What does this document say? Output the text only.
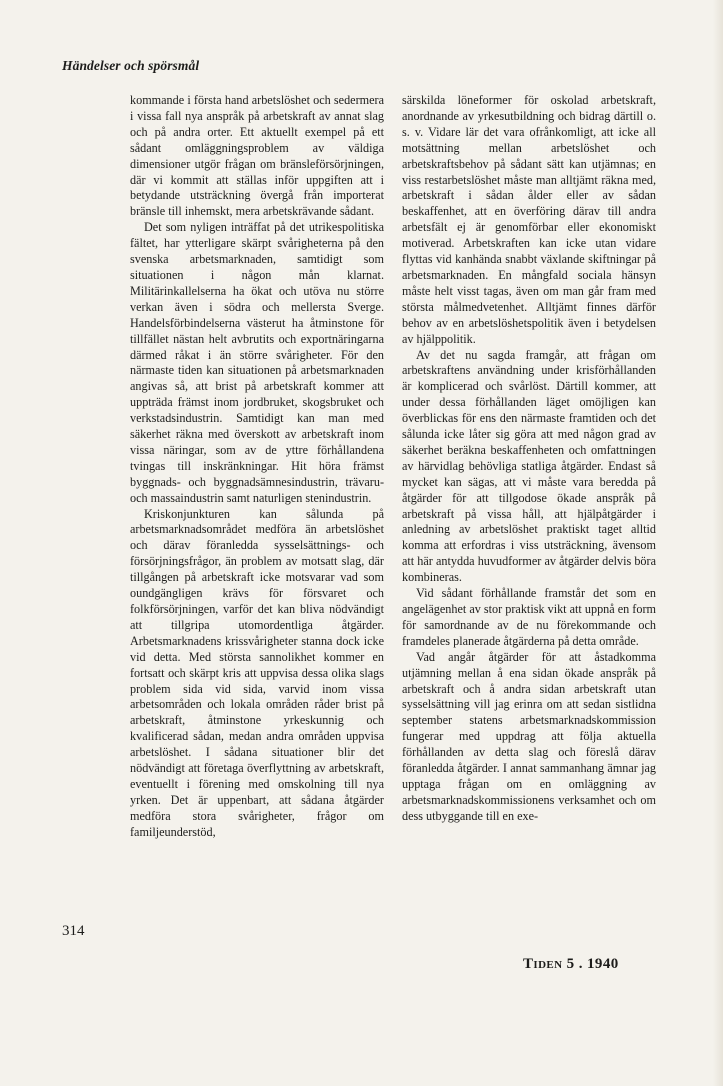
Händelser och spörsmål

kommande i första hand arbetslöshet och sedermera i vissa fall nya anspråk på arbetskraft av annat slag och på andra orter. Ett aktuellt exempel på ett sådant omläggningsproblem av väldiga dimensioner utgör frågan om bränsleförsörjningen, där vi kommit att ställas inför uppgiften att i betydande utsträckning övergå från importerat bränsle till inhemskt, mera arbetskrävande sådant.

Det som nyligen inträffat på det utrikespolitiska fältet, har ytterligare skärpt svårigheterna på den svenska arbetsmarknaden, samtidigt som situationen i någon mån klarnat. Militärinkallelserna ha ökat och utöva nu större verkan även i södra och mellersta Sverge. Handelsförbindelserna västerut ha åtminstone för tillfället nästan helt avbrutits och exportnäringarna därmed råkat i än större svårigheter. För den närmaste tiden kan situationen på arbetsmarknaden angivas så, att brist på arbetskraft kommer att uppträda främst inom jordbruket, skogsbruket och verkstadsindustrin. Samtidigt kan man med säkerhet räkna med överskott av arbetskraft inom vissa näringar, som av de yttre förhållandena tvingas till inskränkningar. Hit höra främst byggnads- och byggnadsämnesindustrin, trävaru- och massaindustrin samt naturligen stenindustrin.

Kriskonjunkturen kan sålunda på arbetsmarknadsområdet medföra än arbetslöshet och därav föranledda sysselsättnings- och försörjningsfrågor, än problem av motsatt slag, där tillgången på arbetskraft icke motsvarar vad som oundgängligen krävs för försvaret och folkförsörjningen, varför det kan bliva nödvändigt att tillgripa utomordentliga åtgärder. Arbetsmarknadens krissvårigheter stanna dock icke vid detta. Med största sannolikhet kommer en fortsatt och skärpt kris att uppvisa dessa olika slags problem sida vid sida, varvid inom vissa arbetsområden och lokala områden råder brist på arbetskraft, åtminstone yrkeskunnig och kvalificerad sådan, medan andra områden uppvisa arbetslöshet. I sådana situationer blir det nödvändigt att företaga överflyttning av arbetskraft, eventuellt i förening med omskolning till nya yrken. Det är uppenbart, att sådana åtgärder medföra stora svårigheter, frågor om familjeunderstöd,

särskilda löneformer för oskolad arbetskraft, anordnande av yrkesutbildning och bidrag därtill o. s. v. Vidare lär det vara ofrånkomligt, att icke all motsättning mellan arbetslöshet och arbetskraftsbehov på sådant sätt kan utjämnas; en viss restarbetslöshet måste man alltjämt räkna med, arbetskraft i sådan ålder eller av sådan beskaffenhet, att en överföring därav till andra arbetsfält ej är genomförbar eller ekonomiskt motiverad. Arbetskraften kan icke utan vidare flyttas vid kanhända snabbt växlande skiftningar på arbetsmarknaden. En mångfald sociala hänsyn måste helt visst tagas, även om man går fram med största målmedvetenhet. Alltjämt finnes därför behov av en arbetslöshetspolitik även i betydelsen av hjälppolitik.

Av det nu sagda framgår, att frågan om arbetskraftens användning under krisförhållanden är komplicerad och svårlöst. Därtill kommer, att under dessa förhållanden läget omöjligen kan överblickas för ens den närmaste framtiden och det sålunda icke låter sig göra att med någon grad av säkerhet beräkna beskaffenheten och omfattningen av härvidlag behövliga statliga åtgärder. Endast så mycket kan sägas, att vi måste vara beredda på åtgärder för att tillgodose ökade anspråk på arbetskraft på vissa håll, att hjälpåtgärder i anledning av arbetslöshet praktiskt taget alltid komma att erfordras i viss utsträckning, ävensom att här antydda huvudformer av åtgärder delvis böra kombineras.

Vid sådant förhållande framstår det som en angelägenhet av stor praktisk vikt att uppnå en form för samordnande av de nu förekommande och framdeles planerade åtgärderna på detta område.

Vad angår åtgärder för att åstadkomma utjämning mellan å ena sidan ökade anspråk på arbetskraft och å andra sidan arbetskraft utan sysselsättning vill jag erinra om att sedan sistlidna september statens arbetsmarknadskommission fungerar med uppdrag att följa aktuella förhållanden av detta slag och föreslå därav föranledda åtgärder. I annat sammanhang ämnar jag upptaga frågan om en omläggning av arbetsmarknadskommissionens verksamhet och om dess utbyggande till en exe-

314
Tiden 5 . 1940
